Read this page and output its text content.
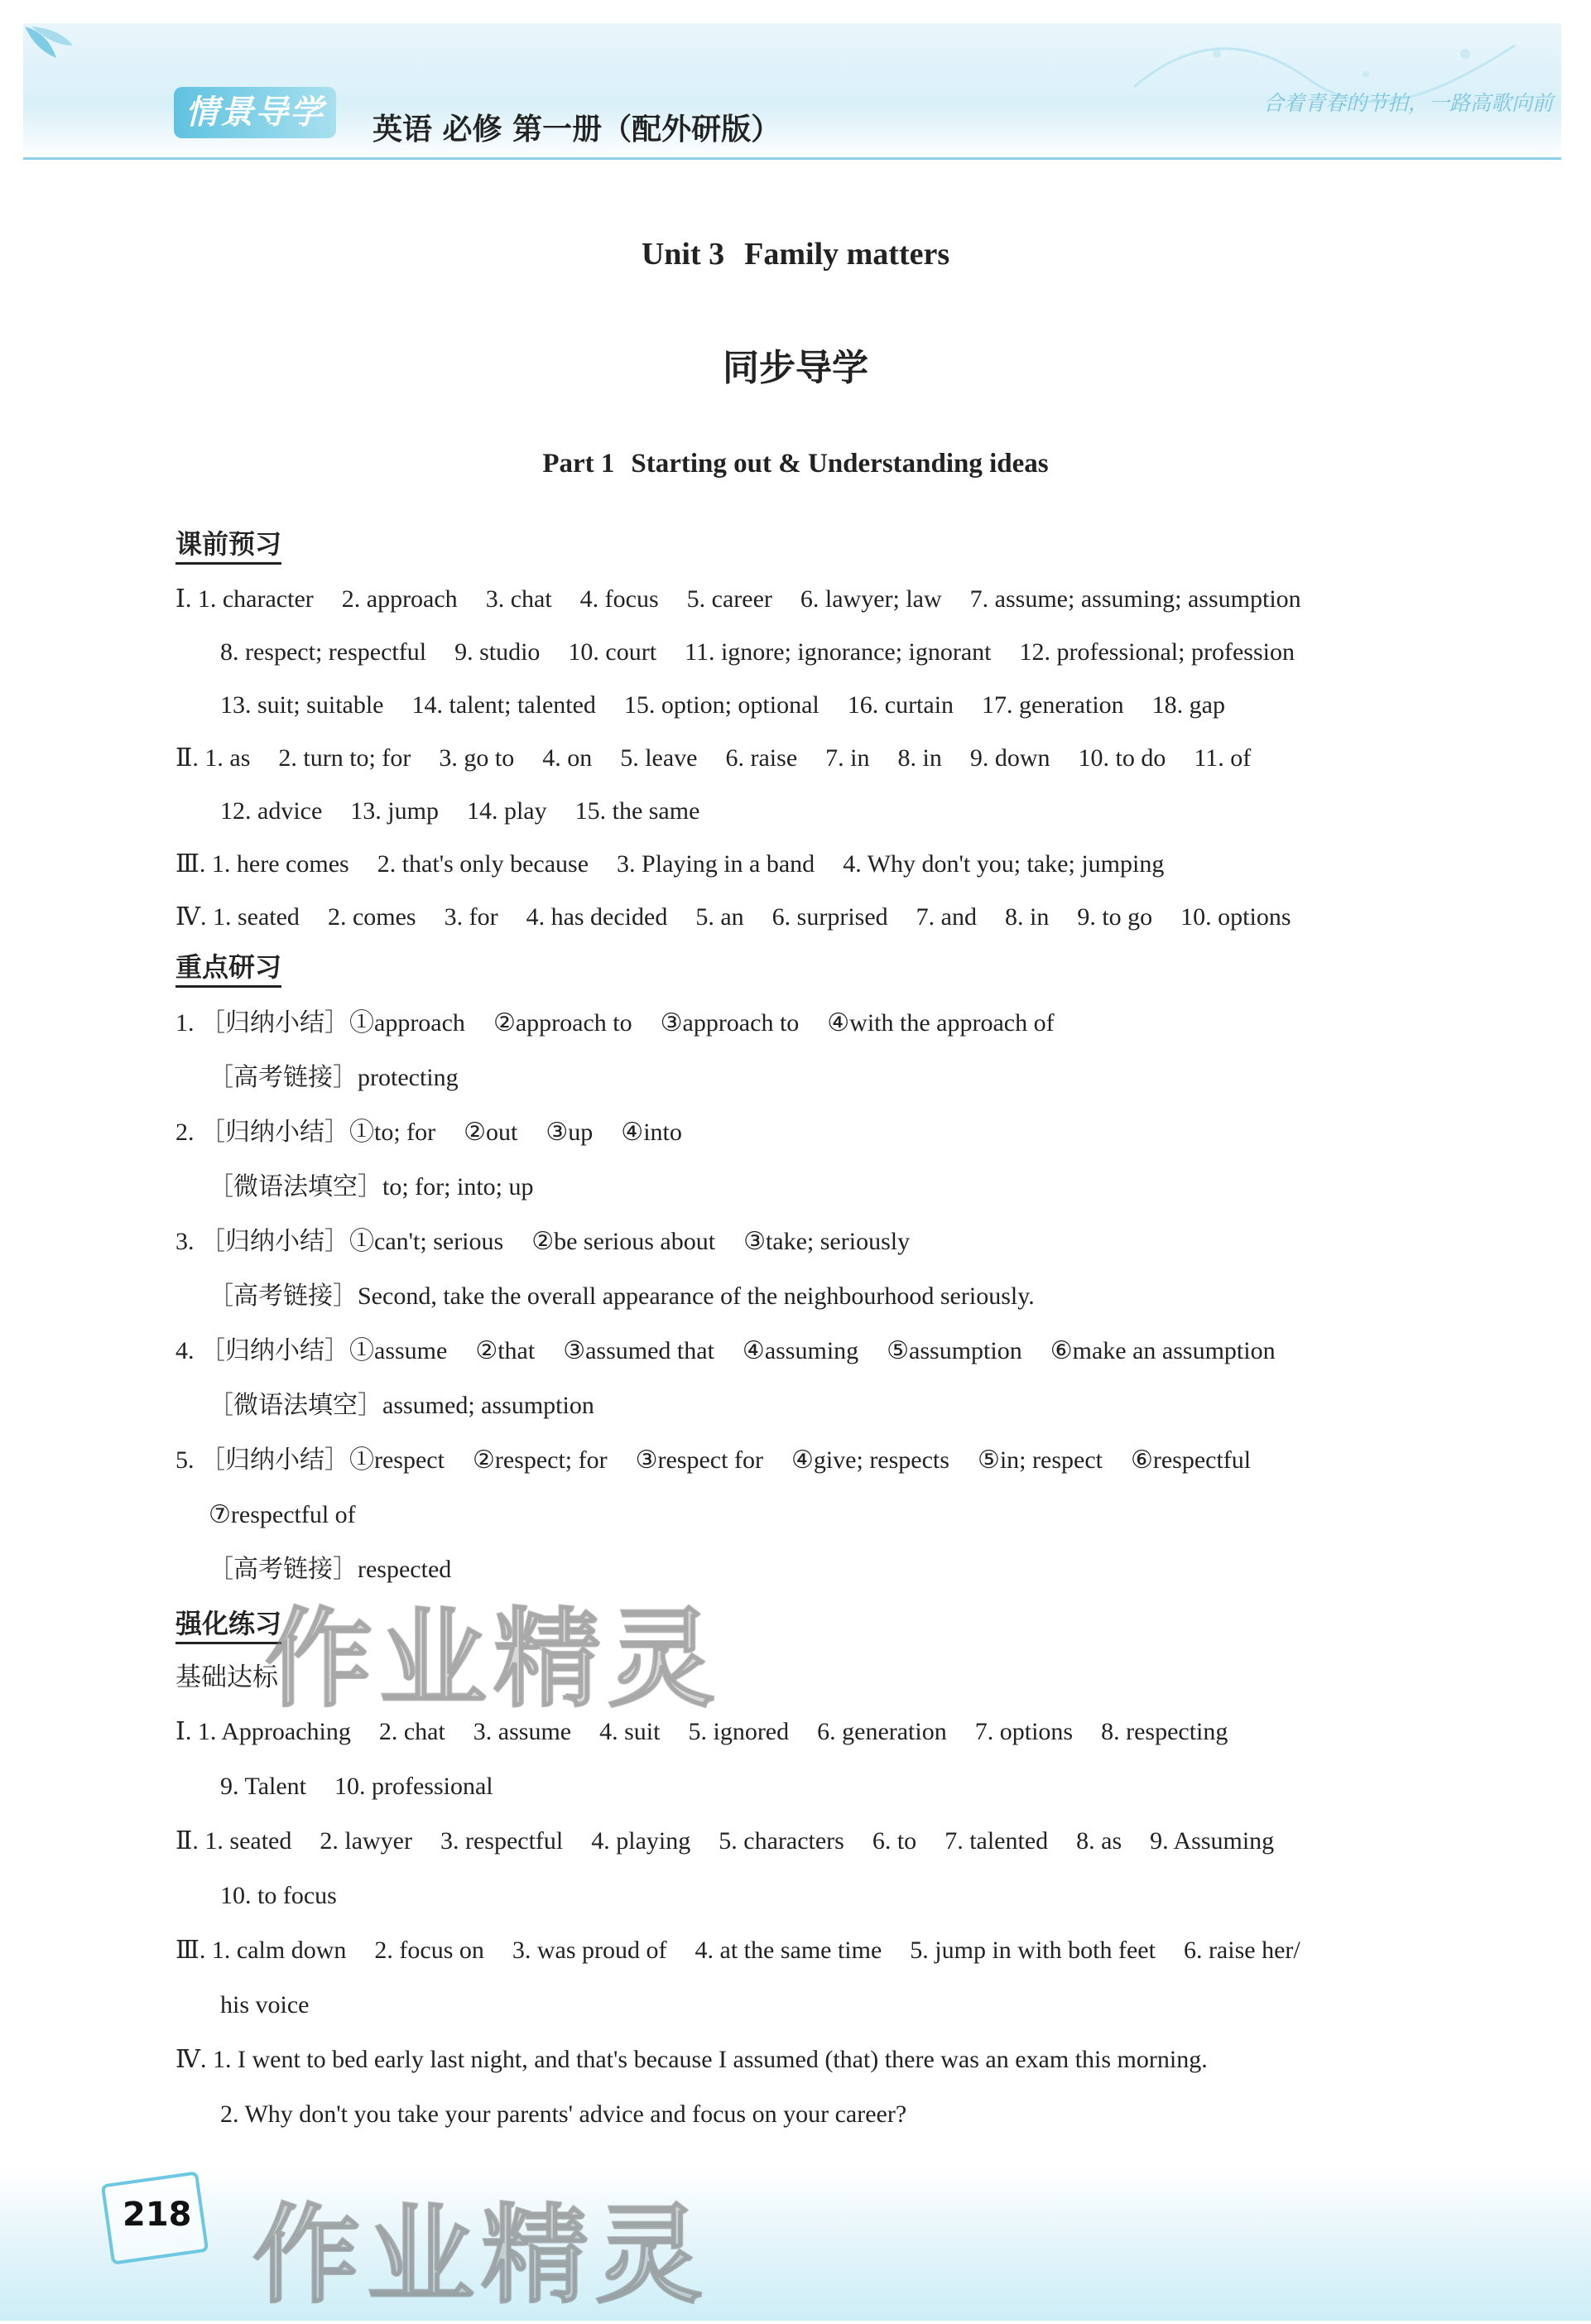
情景导学	英语 必修 第一册（配外研版）
合着青春的节拍，一路高歌向前
Unit 3 Family matters
同步导学
Part 1 Starting out & Understanding ideas
课前预习
Ⅰ. 1. character 2. approach 3. chat 4. focus 5. career 6. lawyer; law 7. assume; assuming; assumption
8. respect; respectful 9. studio 10. court 11. ignore; ignorance; ignorant 12. professional; profession
13. suit; suitable 14. talent; talented 15. option; optional 16. curtain 17. generation 18. gap
Ⅱ. 1. as 2. turn to; for 3. go to 4. on 5. leave 6. raise 7. in 8. in 9. down 10. to do 11. of
12. advice 13. jump 14. play 15. the same
Ⅲ. 1. here comes 2. that's only because 3. Playing in a band 4. Why don't you; take; jumping
Ⅳ. 1. seated 2. comes 3. for 4. has decided 5. an 6. surprised 7. and 8. in 9. to go 10. options
重点研习
1. ［归纳小结］①approach ②approach to ③approach to ④with the approach of
［高考链接］protecting
2. ［归纳小结］①to; for ②out ③up ④into
［微语法填空］to; for; into; up
3. ［归纳小结］①can't; serious ②be serious about ③take; seriously
［高考链接］Second, take the overall appearance of the neighbourhood seriously.
4. ［归纳小结］①assume ②that ③assumed that ④assuming ⑤assumption ⑥make an assumption
［微语法填空］assumed; assumption
5. ［归纳小结］①respect ②respect; for ③respect for ④give; respects ⑤in; respect ⑥respectful
⑦respectful of
［高考链接］respected
强化练习
基础达标
Ⅰ. 1. Approaching 2. chat 3. assume 4. suit 5. ignored 6. generation 7. options 8. respecting
9. Talent 10. professional
Ⅱ. 1. seated 2. lawyer 3. respectful 4. playing 5. characters 6. to 7. talented 8. as 9. Assuming
10. to focus
Ⅲ. 1. calm down 2. focus on 3. was proud of 4. at the same time 5. jump in with both feet 6. raise her/
his voice
Ⅳ. 1. I went to bed early last night, and that's because I assumed (that) there was an exam this morning.
2. Why don't you take your parents' advice and focus on your career?
作业精灵
218 作业精灵
